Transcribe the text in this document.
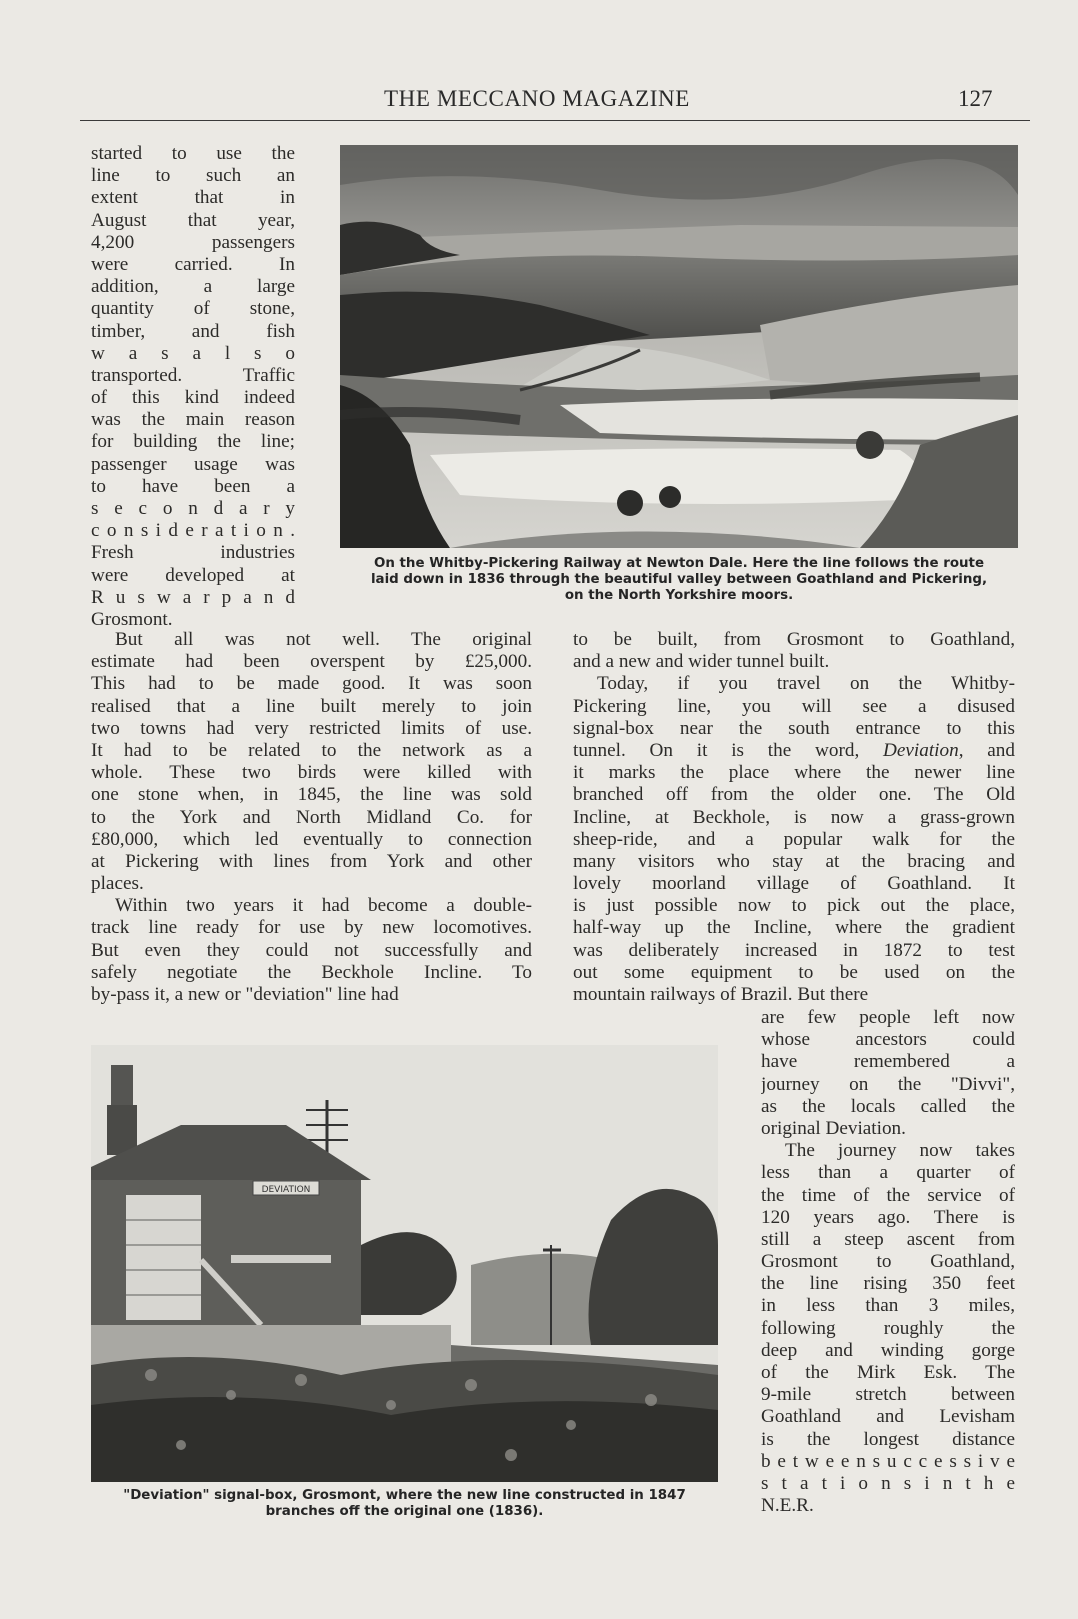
THE MECCANO MAGAZINE	127
started to use the
line to such an
extent that in
August that year,
4,200 passengers
were carried. In
addition, a large
quantity of stone,
timber, and fish
w a s a l s o
transported. Traffic
of this kind indeed
was the main reason
for building the line;
passenger usage was
to have been a
s e c o n d a r y
c o n s i d e r a t i o n .
Fresh industries
were developed at
R u s w a r p a n d
Grosmont.
But all was not well. The original
estimate had been overspent by £25,000.
This had to be made good. It was soon
realised that a line built merely to join
two towns had very restricted limits of use.
It had to be related to the network as a
whole. These two birds were killed with
one stone when, in 1845, the line was sold
to the York and North Midland Co. for
£80,000, which led eventually to connection
at Pickering with lines from York and other
places.
Within two years it had become a double-
track line ready for use by new locomotives.
But even they could not successfully and
safely negotiate the Beckhole Incline. To
by-pass it, a new or "deviation" line had
to be built, from Grosmont to Goathland,
and a new and wider tunnel built.
Today, if you travel on the Whitby-
Pickering line, you will see a disused
signal-box near the south entrance to this
tunnel. On it is the word, Deviation, and
it marks the place where the newer line
branched off from the older one. The Old
Incline, at Beckhole, is now a grass-grown
sheep-ride, and a popular walk for the
many visitors who stay at the bracing and
lovely moorland village of Goathland. It
is just possible now to pick out the place,
half-way up the Incline, where the gradient
was deliberately increased in 1872 to test
out some equipment to be used on the
mountain railways of Brazil. But there
are few people left now
whose ancestors could
have remembered a
journey on the "Divvi",
as the locals called the
original Deviation.
The journey now takes
less than a quarter of
the time of the service of
120 years ago. There is
still a steep ascent from
Grosmont to Goathland,
the line rising 350 feet
in less than 3 miles,
following roughly the
deep and winding gorge
of the Mirk Esk. The
9-mile stretch between
Goathland and Levisham
is the longest distance
b e t w e e n s u c c e s s i v e
s t a t i o n s i n t h e
N.E.R.
On the Whitby-Pickering Railway at Newton Dale. Here the line follows the route
laid down in 1836 through the beautiful valley between Goathland and Pickering,
on the North Yorkshire moors.
DEVIATION
"Deviation" signal-box, Grosmont, where the new line constructed in 1847
branches off the original one (1836).
